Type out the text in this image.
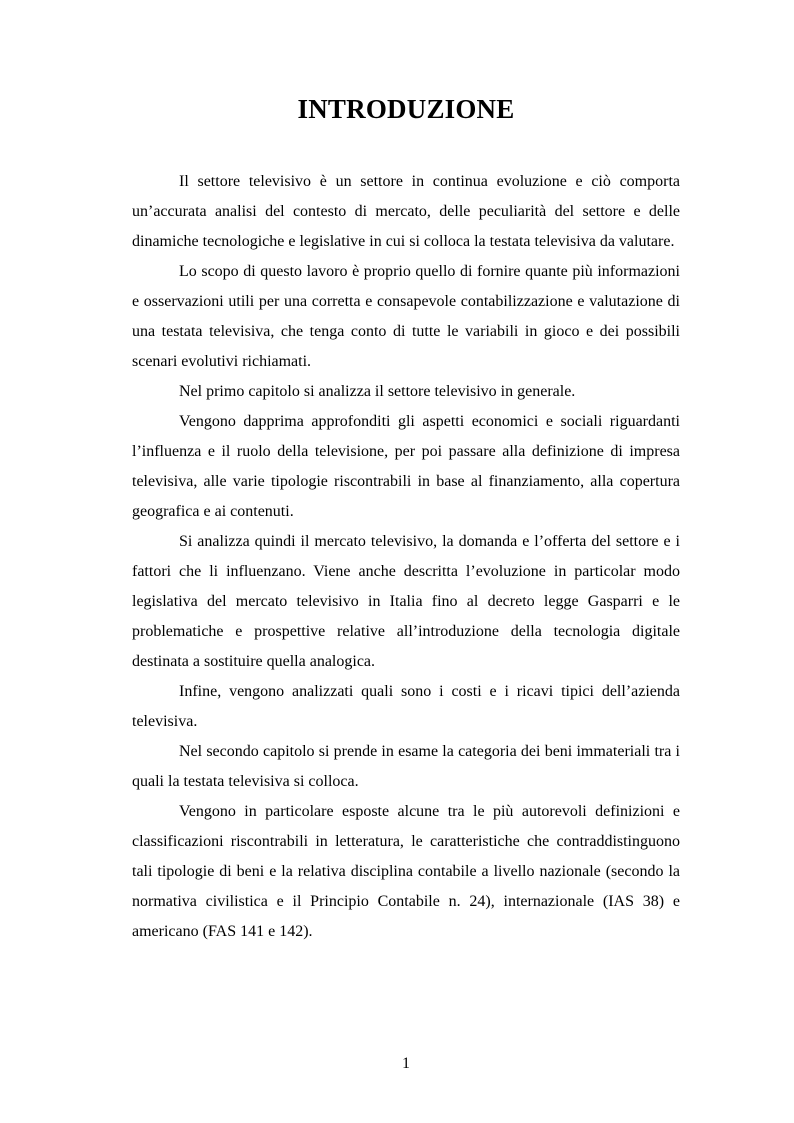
INTRODUZIONE

Il settore televisivo è un settore in continua evoluzione e ciò comporta un’accurata analisi del contesto di mercato, delle peculiarità del settore e delle dinamiche tecnologiche e legislative in cui si colloca la testata televisiva da valutare.

Lo scopo di questo lavoro è proprio quello di fornire quante più informazioni e osservazioni utili per una corretta e consapevole contabilizzazione e valutazione di una testata televisiva, che tenga conto di tutte le variabili in gioco e dei possibili scenari evolutivi richiamati.

Nel primo capitolo si analizza il settore televisivo in generale.

Vengono dapprima approfonditi gli aspetti economici e sociali riguardanti l’influenza e il ruolo della televisione, per poi passare alla definizione di impresa televisiva, alle varie tipologie riscontrabili in base al finanziamento, alla copertura geografica e ai contenuti.

Si analizza quindi il mercato televisivo, la domanda e l’offerta del settore e i fattori che li influenzano. Viene anche descritta l’evoluzione in particolar modo legislativa del mercato televisivo in Italia fino al decreto legge Gasparri e le problematiche e prospettive relative all’introduzione della tecnologia digitale destinata a sostituire quella analogica.

Infine, vengono analizzati quali sono i costi e i ricavi tipici dell’azienda televisiva.

Nel secondo capitolo si prende in esame la categoria dei beni immateriali tra i quali la testata televisiva si colloca.

Vengono in particolare esposte alcune tra le più autorevoli definizioni e classificazioni riscontrabili in letteratura, le caratteristiche che contraddistinguono tali tipologie di beni e la relativa disciplina contabile a livello nazionale (secondo la normativa civilistica e il Principio Contabile n. 24), internazionale (IAS 38) e americano (FAS 141 e 142).

1
